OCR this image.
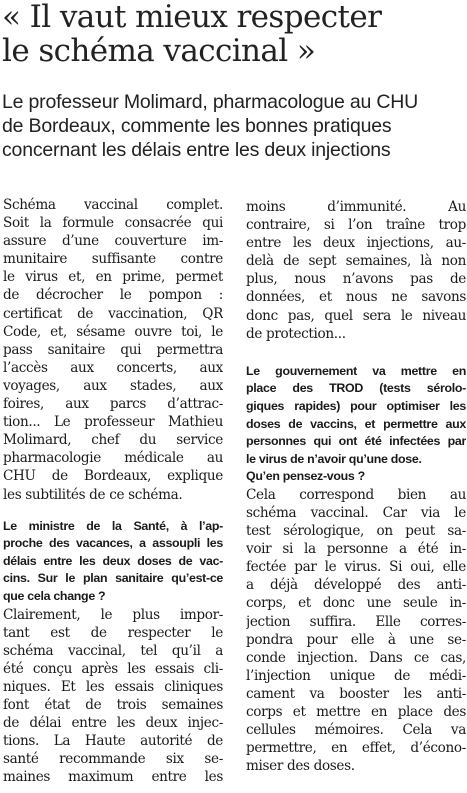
« Il vaut mieux respecter
le schéma vaccinal »
Le professeur Molimard, pharmacologue au CHU
de Bordeaux, commente les bonnes pratiques
concernant les délais entre les deux injections
Schéma vaccinal complet.
Soit la formule consacrée qui
assure d’une couverture im-
munitaire suffisante contre
le virus et, en prime, permet
de décrocher le pompon :
certificat de vaccination, QR
Code, et, sésame ouvre toi, le
pass sanitaire qui permettra
l’accès aux concerts, aux
voyages, aux stades, aux
foires, aux parcs d’attrac-
tion... Le professeur Mathieu
Molimard, chef du service
pharmacologie médicale au
CHU de Bordeaux, explique
les subtilités de ce schéma.
Le ministre de la Santé, à l’ap-
proche des vacances, a assoupli les
délais entre les deux doses de vac-
cins. Sur le plan sanitaire qu’est-ce
que cela change ?
Clairement, le plus impor-
tant est de respecter le
schéma vaccinal, tel qu’il a
été conçu après les essais cli-
niques. Et les essais cliniques
font état de trois semaines
de délai entre les deux injec-
tions. La Haute autorité de
santé recommande six se-
maines maximum entre les
moins d’immunité. Au
contraire, si l’on traîne trop
entre les deux injections, au-
delà de sept semaines, là non
plus, nous n’avons pas de
données, et nous ne savons
donc pas, quel sera le niveau
de protection...
Le gouvernement va mettre en
place des TROD (tests sérolo-
giques rapides) pour optimiser les
doses de vaccins, et permettre aux
personnes qui ont été infectées par
le virus de n’avoir qu’une dose.
Qu’en pensez-vous ?
Cela correspond bien au
schéma vaccinal. Car via le
test sérologique, on peut sa-
voir si la personne a été in-
fectée par le virus. Si oui, elle
a déjà développé des anti-
corps, et donc une seule in-
jection suffira. Elle corres-
pondra pour elle à une se-
conde injection. Dans ce cas,
l’injection unique de médi-
cament va booster les anti-
corps et mettre en place des
cellules mémoires. Cela va
permettre, en effet, d’écono-
miser des doses.
